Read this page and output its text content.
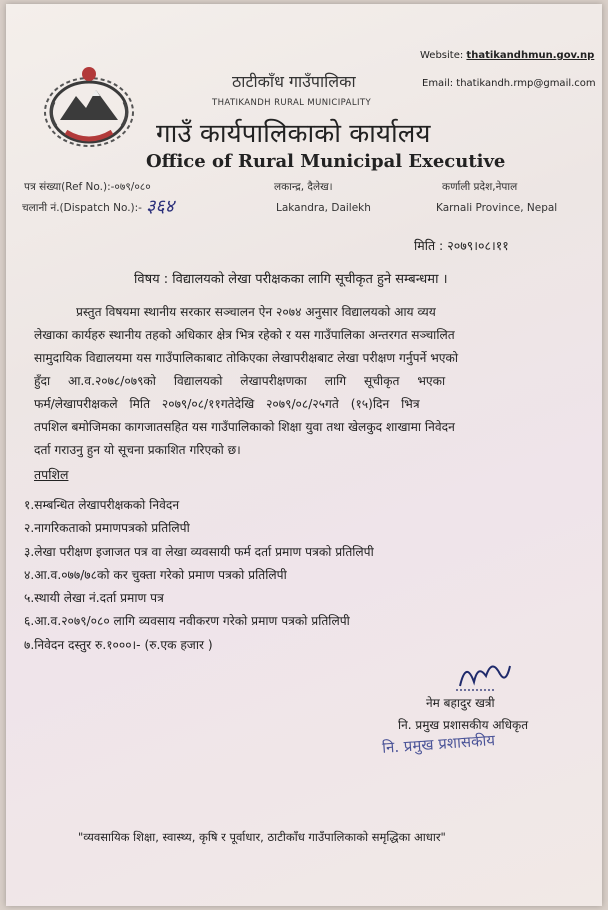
Website: thatikandhmun.gov.np
Email: thatikandh.rmp@gmail.com
ठाटीकाँध गाउँपालिका
THATIKANDH RURAL MUNICIPALITY
गाउँ कार्यपालिकाको कार्यालय
Office of Rural Municipal Executive
पत्र संख्या(Ref No.):-०७९/०८०
चलानी नं.(Dispatch No.):- ३६४
लकान्द्र, दैलेख।
Lakandra, Dailekh
कर्णाली प्रदेश,नेपाल
Karnali Province, Nepal
मिति : २०७९।०८।११
विषय : विद्यालयको लेखा परीक्षकका लागि सूचीकृत हुने सम्बन्धमा ।

प्रस्तुत विषयमा स्थानीय सरकार सञ्चालन ऐन २०७४ अनुसार विद्यालयको आय व्यय

लेखाका कार्यहरु स्थानीय तहको अधिकार क्षेत्र भित्र रहेको र यस गाउँपालिका अन्तरगत सञ्चालित

सामुदायिक विद्यालयमा यस गाउँपालिकाबाट तोकिएका लेखापरीक्षबाट लेखा परीक्षण गर्नुपर्ने भएको

हुँदा आ.व.२०७८/०७९को विद्यालयको लेखापरीक्षणका लागि सूचीकृत भएका

फर्म/लेखापरीक्षकले मिति २०७९/०८/११गतेदेखि २०७९/०८/२५गते (१५)दिन भित्र

तपशिल बमोजिमका कागजातसहित यस गाउँपालिकाको शिक्षा युवा तथा खेलकुद शाखामा निवेदन

दर्ता गराउनु हुन यो सूचना प्रकाशित गरिएको छ।

तपशिल
१.सम्बन्धित लेखापरीक्षकको निवेदन
२.नागरिकताको प्रमाणपत्रको प्रतिलिपी
३.लेखा परीक्षण इजाजत पत्र वा लेखा व्यवसायी फर्म दर्ता प्रमाण पत्रको प्रतिलिपी
४.आ.व.०७७/७८को कर चुक्ता गरेको प्रमाण पत्रको प्रतिलिपी
५.स्थायी लेखा नं.दर्ता प्रमाण पत्र
६.आ.व.२०७९/०८० लागि व्यवसाय नवीकरण गरेको प्रमाण पत्रको प्रतिलिपी
७.निवेदन दस्तुर रु.१०००।- (रु.एक हजार )
नेम बहादुर खत्री
नि. प्रमुख प्रशासकीय अधिकृत
नि. प्रमुख प्रशासकीय
"व्यवसायिक शिक्षा, स्वास्थ्य, कृषि र पूर्वाधार, ठाटीकाँध गाउँपालिकाको समृद्धिका आधार"
